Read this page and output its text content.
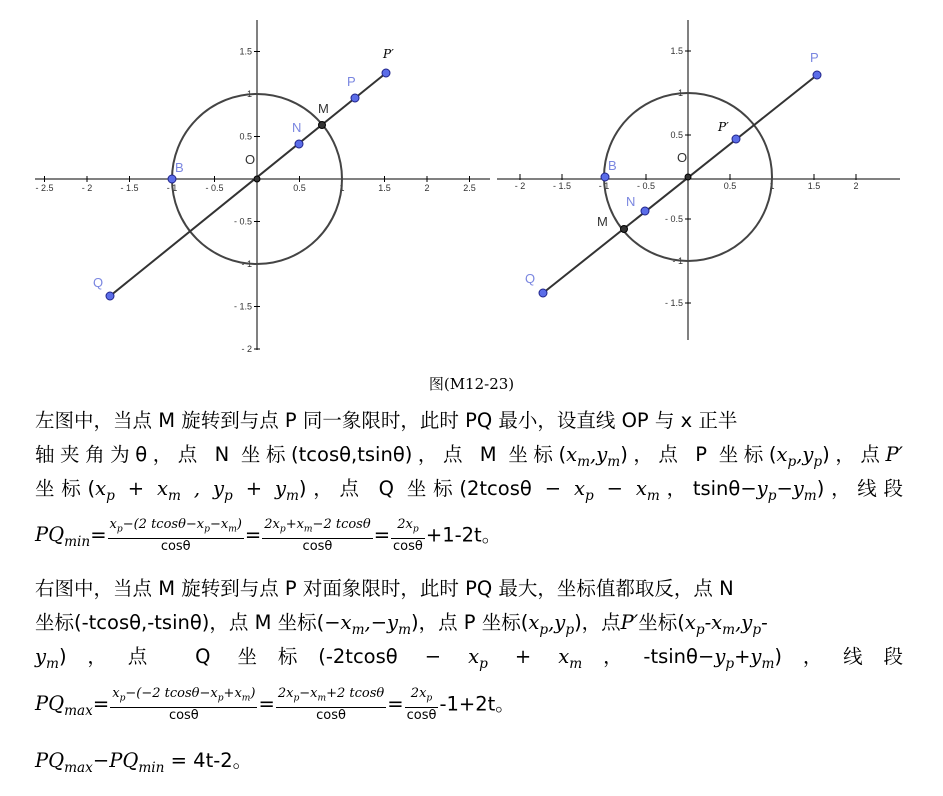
- 2.5	- 2	- 1.5	- 1	- 0.5	0.5	1	1.5	2	2.5
1.5
1
0.5
- 0.5
- 1
- 1.5
- 2
B
O
N
M
P
P′
Q
- 2	- 1.5	- 1	- 0.5	0.5	1	1.5	2
1.5
1
0.5
- 0.5
- 1
- 1.5
B
O
P′
N
M
P
Q
图(M12-23)
左图中，当点 M 旋转到与点 P 同一象限时，此时 PQ 最小，设直线 OP 与 x 正半
轴夹角为θ，点 N 坐标(tcosθ,tsinθ)，点 M 坐标$(x_m,y_m)$，点 P 坐标$(x_p,y_p)$，点P′
坐标($x_p + x_m$ , $y_p + y_m$)，点 Q 坐标($2tcos\theta - x_p - x_m$，$tsin\theta-y_p-y_m$)，线段
$PQ_{min}= \frac{x_p-(2 tcos\theta-x_p-x_m)}{\cos\theta} = \frac{2x_p+x_m-2 tcos\theta}{\cos\theta} = \frac{2x_p}{\cos\theta} +1-2t$。
右图中，当点 M 旋转到与点 P 对面象限时，此时 PQ 最大，坐标值都取反，点 N
坐标(-tcosθ,-tsinθ)，点 M 坐标$(-x_m,-y_m)$，点 P 坐标$(x_p,y_p)$，点P′坐标($x_p-x_m,y_p-$
$y_m$)，点 Q 坐标($-2tcos\theta - x_p + x_m$，$-tsin\theta-y_p+y_m$)，线段
$PQ_{max}= \frac{x_p-(-2 tcos\theta-x_p+x_m)}{\cos\theta} = \frac{2x_p-x_m+2 tcos\theta}{\cos\theta} = \frac{2x_p}{\cos\theta} -1+2t$。
$PQ_{max}-PQ_{min} = 4t-2$。
